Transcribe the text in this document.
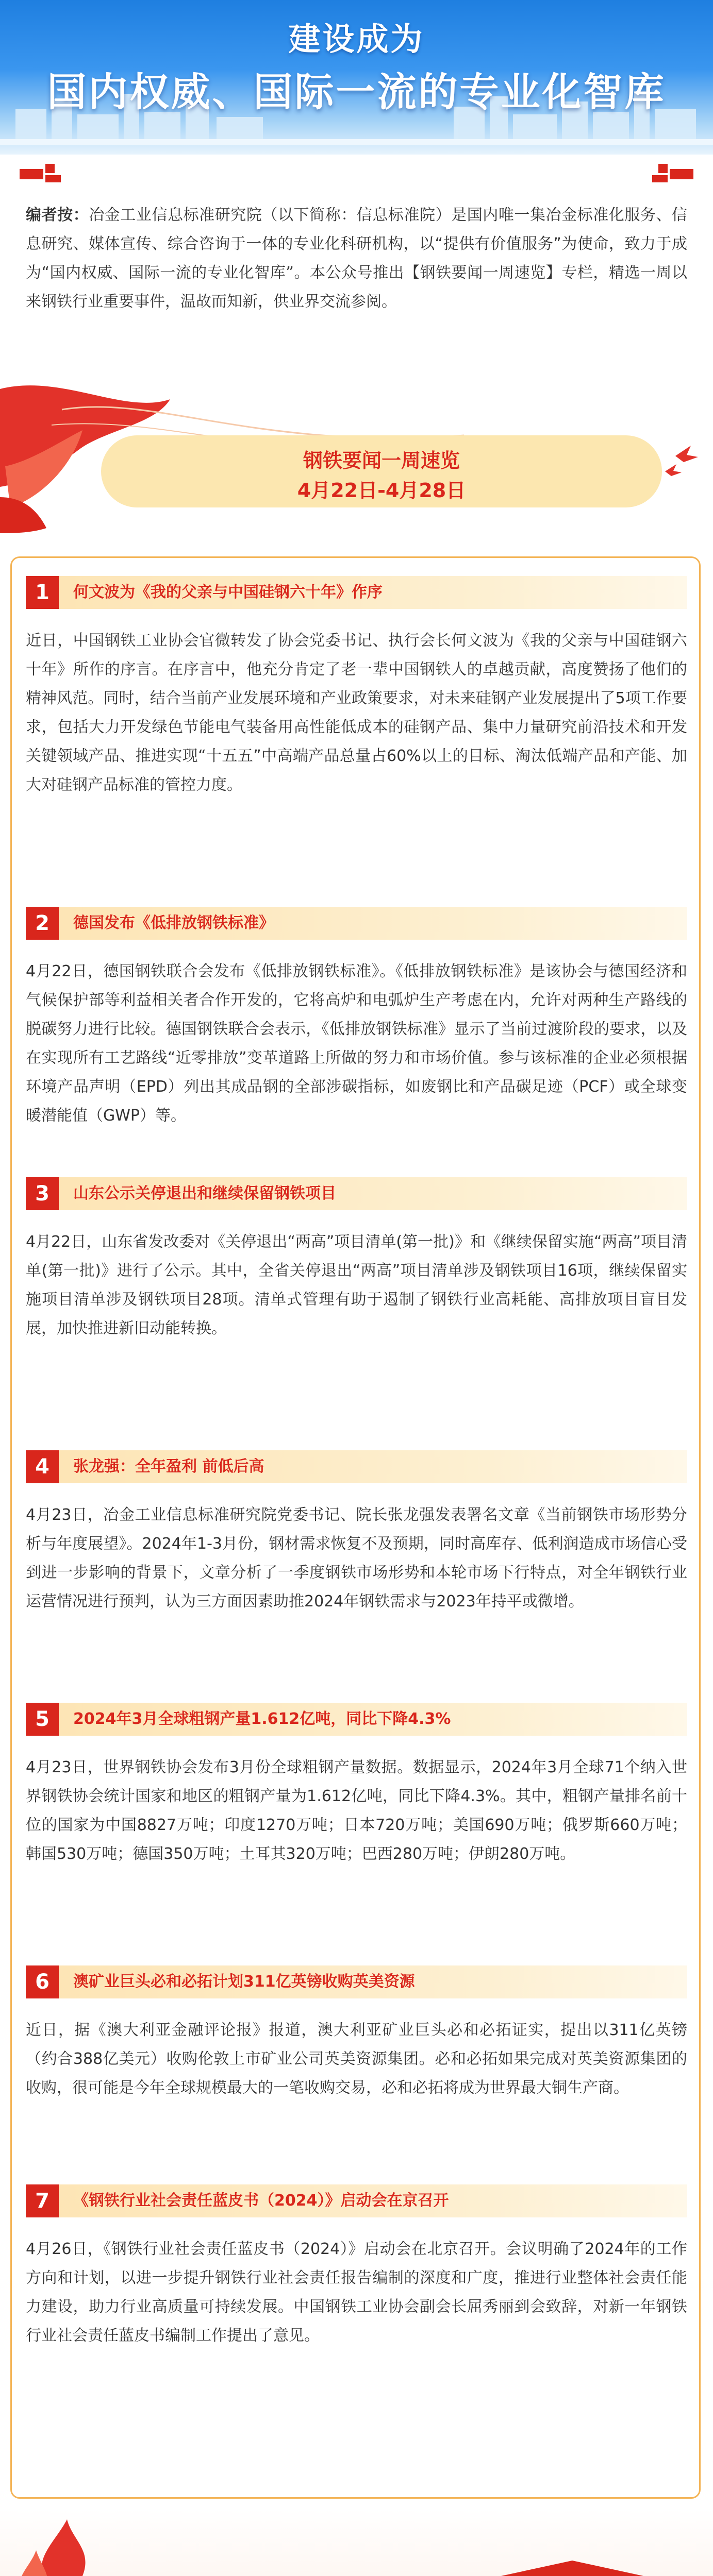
建设成为
国内权威、国际一流的专业化智库
编者按：冶金工业信息标准研究院（以下简称：信息标准院）是国内唯一集冶金标准化服务、信息研究、媒体宣传、综合咨询于一体的专业化科研机构，以“提供有价值服务”为使命，致力于成为“国内权威、国际一流的专业化智库”。本公众号推出【钢铁要闻一周速览】专栏，精选一周以来钢铁行业重要事件，温故而知新，供业界交流参阅。
钢铁要闻一周速览
4月22日-4月28日
1	何文波为《我的父亲与中国硅钢六十年》作序
近日，中国钢铁工业协会官微转发了协会党委书记、执行会长何文波为《我的父亲与中国硅钢六十年》所作的序言。在序言中，他充分肯定了老一辈中国钢铁人的卓越贡献，高度赞扬了他们的精神风范。同时，结合当前产业发展环境和产业政策要求，对未来硅钢产业发展提出了5项工作要求，包括大力开发绿色节能电气装备用高性能低成本的硅钢产品、集中力量研究前沿技术和开发关键领域产品、推进实现“十五五”中高端产品总量占60%以上的目标、淘汰低端产品和产能、加大对硅钢产品标准的管控力度。
2	德国发布《低排放钢铁标准》
4月22日，德国钢铁联合会发布《低排放钢铁标准》。《低排放钢铁标准》是该协会与德国经济和气候保护部等利益相关者合作开发的，它将高炉和电弧炉生产考虑在内，允许对两种生产路线的脱碳努力进行比较。德国钢铁联合会表示，《低排放钢铁标准》显示了当前过渡阶段的要求，以及在实现所有工艺路线“近零排放”变革道路上所做的努力和市场价值。参与该标准的企业必须根据环境产品声明（EPD）列出其成品钢的全部涉碳指标，如废钢比和产品碳足迹（PCF）或全球变暖潜能值（GWP）等。
3	山东公示关停退出和继续保留钢铁项目
4月22日，山东省发改委对《关停退出“两高”项目清单(第一批)》和《继续保留实施“两高”项目清单(第一批)》进行了公示。其中，全省关停退出“两高”项目清单涉及钢铁项目16项，继续保留实施项目清单涉及钢铁项目28项。清单式管理有助于遏制了钢铁行业高耗能、高排放项目盲目发展，加快推进新旧动能转换。
4	张龙强：全年盈利 前低后高
4月23日，冶金工业信息标准研究院党委书记、院长张龙强发表署名文章《当前钢铁市场形势分析与年度展望》。2024年1-3月份，钢材需求恢复不及预期，同时高库存、低利润造成市场信心受到进一步影响的背景下，文章分析了一季度钢铁市场形势和本轮市场下行特点，对全年钢铁行业运营情况进行预判，认为三方面因素助推2024年钢铁需求与2023年持平或微增。
5	2024年3月全球粗钢产量1.612亿吨，同比下降4.3%
4月23日，世界钢铁协会发布3月份全球粗钢产量数据。数据显示，2024年3月全球71个纳入世界钢铁协会统计国家和地区的粗钢产量为1.612亿吨，同比下降4.3%。其中，粗钢产量排名前十位的国家为中国8827万吨；印度1270万吨；日本720万吨；美国690万吨；俄罗斯660万吨；韩国530万吨；德国350万吨；土耳其320万吨；巴西280万吨；伊朗280万吨。
6	澳矿业巨头必和必拓计划311亿英镑收购英美资源
近日，据《澳大利亚金融评论报》报道，澳大利亚矿业巨头必和必拓证实，提出以311亿英镑（约合388亿美元）收购伦敦上市矿业公司英美资源集团。必和必拓如果完成对英美资源集团的收购，很可能是今年全球规模最大的一笔收购交易，必和必拓将成为世界最大铜生产商。
7	《钢铁行业社会责任蓝皮书（2024）》启动会在京召开
4月26日，《钢铁行业社会责任蓝皮书（2024）》启动会在北京召开。会议明确了2024年的工作方向和计划，以进一步提升钢铁行业社会责任报告编制的深度和广度，推进行业整体社会责任能力建设，助力行业高质量可持续发展。中国钢铁工业协会副会长屈秀丽到会致辞，对新一年钢铁行业社会责任蓝皮书编制工作提出了意见。
